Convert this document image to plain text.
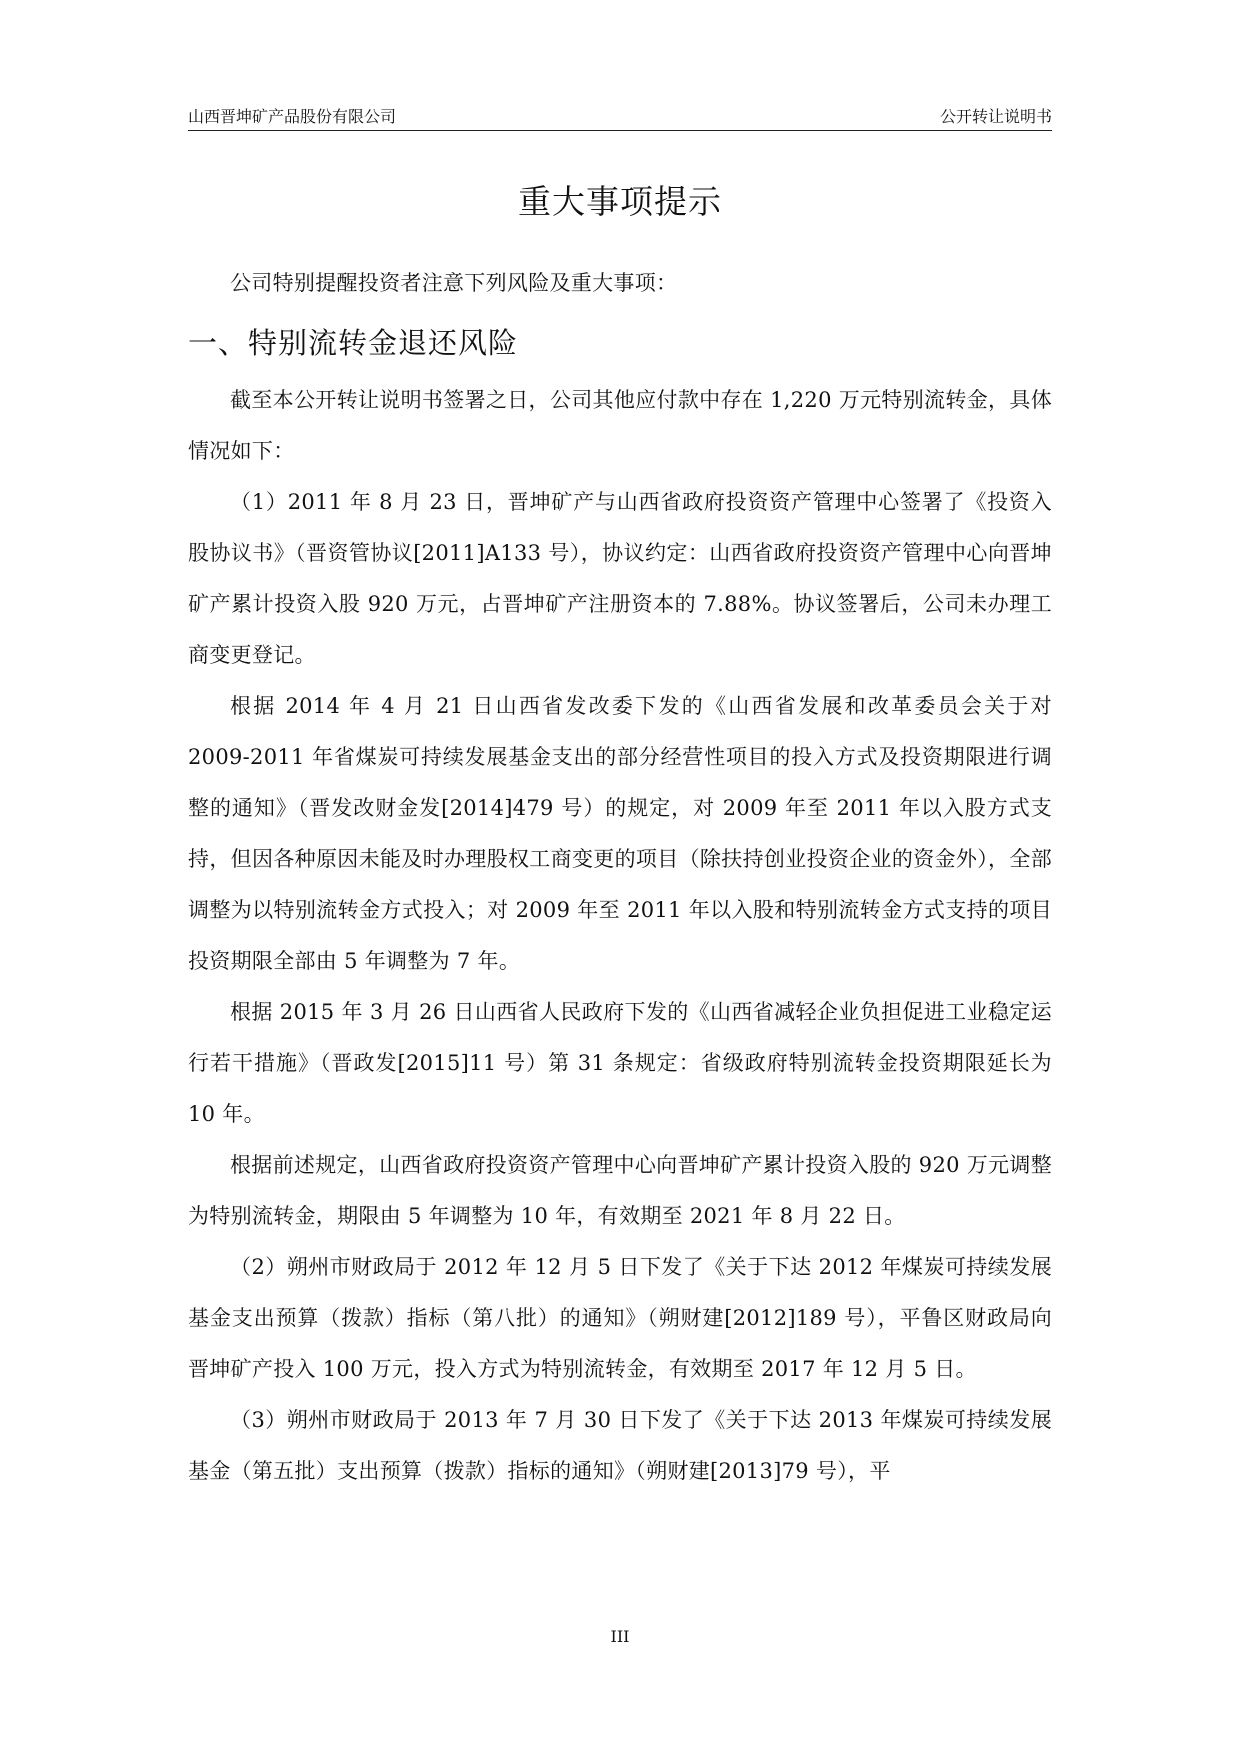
山西晋坤矿产品股份有限公司	公开转让说明书
重大事项提示

公司特别提醒投资者注意下列风险及重大事项：

一、特别流转金退还风险

截至本公开转让说明书签署之日，公司其他应付款中存在 1,220 万元特别流转金，具体情况如下：

（1）2011 年 8 月 23 日，晋坤矿产与山西省政府投资资产管理中心签署了《投资入股协议书》（晋资管协议[2011]A133 号），协议约定：山西省政府投资资产管理中心向晋坤矿产累计投资入股 920 万元，占晋坤矿产注册资本的 7.88%。协议签署后，公司未办理工商变更登记。

根据 2014 年 4 月 21 日山西省发改委下发的《山西省发展和改革委员会关于对 2009-2011 年省煤炭可持续发展基金支出的部分经营性项目的投入方式及投资期限进行调整的通知》（晋发改财金发[2014]479 号）的规定，对 2009 年至 2011 年以入股方式支持，但因各种原因未能及时办理股权工商变更的项目（除扶持创业投资企业的资金外），全部调整为以特别流转金方式投入；对 2009 年至 2011 年以入股和特别流转金方式支持的项目投资期限全部由 5 年调整为 7 年。

根据 2015 年 3 月 26 日山西省人民政府下发的《山西省减轻企业负担促进工业稳定运行若干措施》（晋政发[2015]11 号）第 31 条规定：省级政府特别流转金投资期限延长为 10 年。

根据前述规定，山西省政府投资资产管理中心向晋坤矿产累计投资入股的 920 万元调整为特别流转金，期限由 5 年调整为 10 年，有效期至 2021 年 8 月 22 日。

（2）朔州市财政局于 2012 年 12 月 5 日下发了《关于下达 2012 年煤炭可持续发展基金支出预算（拨款）指标（第八批）的通知》（朔财建[2012]189 号），平鲁区财政局向晋坤矿产投入 100 万元，投入方式为特别流转金，有效期至 2017 年 12 月 5 日。

（3）朔州市财政局于 2013 年 7 月 30 日下发了《关于下达 2013 年煤炭可持续发展基金（第五批）支出预算（拨款）指标的通知》（朔财建[2013]79 号），平

III
